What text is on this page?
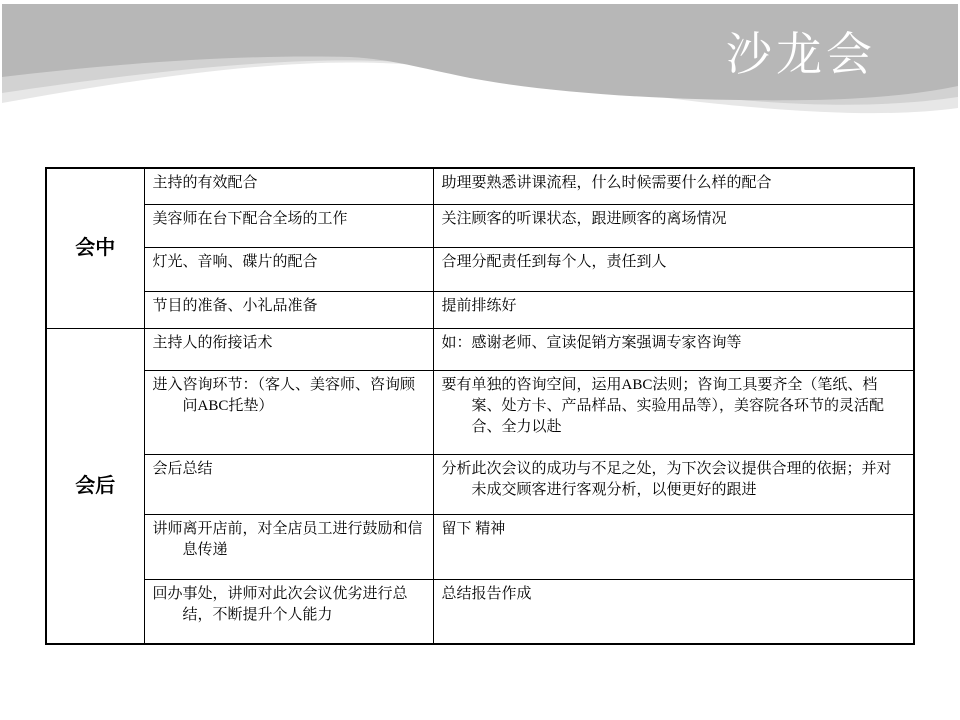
沙龙会
会中	主持的有效配合	助理要熟悉讲课流程，什么时候需要什么样的配合
	美容师在台下配合全场的工作	关注顾客的听课状态，跟进顾客的离场情况
	灯光、音响、碟片的配合	合理分配责任到每个人，责任到人
	节目的准备、小礼品准备	提前排练好
会后	主持人的衔接话术	如：感谢老师、宣读促销方案强调专家咨询等
	进入咨询环节：（客人、美容师、咨询顾问ABC托垫）	要有单独的咨询空间，运用ABC法则；咨询工具要齐全（笔纸、档案、处方卡、产品样品、实验用品等），美容院各环节的灵活配合、全力以赴
	会后总结	分析此次会议的成功与不足之处，为下次会议提供合理的依据；并对未成交顾客进行客观分析，以便更好的跟进
	讲师离开店前，对全店员工进行鼓励和信息传递	留下 精神
	回办事处，讲师对此次会议优劣进行总结，不断提升个人能力	总结报告作成
